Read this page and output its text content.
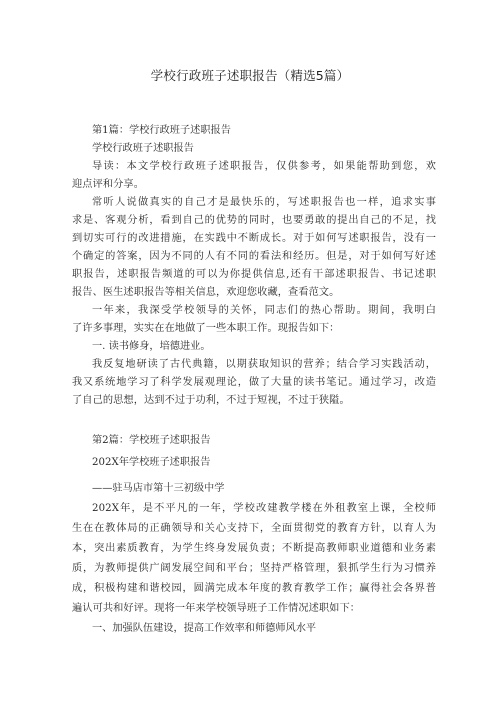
学校行政班子述职报告（精选5篇）
第1篇：学校行政班子述职报告
学校行政班子述职报告
导读：本文学校行政班子述职报告，仅供参考，如果能帮助到您，欢
迎点评和分享。
常听人说做真实的自己才是最快乐的，写述职报告也一样，追求实事
求是、客观分析，看到自己的优势的同时，也要勇敢的提出自己的不足，找
到切实可行的改进措施，在实践中不断成长。对于如何写述职报告，没有一
个确定的答案，因为不同的人有不同的看法和经历。但是，对于如何写好述
职报告，述职报告频道的可以为你提供信息,还有干部述职报告、书记述职
报告、医生述职报告等相关信息，欢迎您收藏，查看范文。
一年来，我深受学校领导的关怀，同志们的热心帮助。期间，我明白
了许多事理，实实在在地做了一些本职工作。现报告如下：
一. 读书修身，培德进业。
我反复地研读了古代典籍，以期获取知识的营养；结合学习实践活动，
我又系统地学习了科学发展观理论，做了大量的读书笔记。通过学习，改造
了自己的思想，达到不过于功利，不过于短视，不过于狭隘。
第2篇：学校班子述职报告
202X年学校班子述职报告
——驻马店市第十三初级中学
202X年，是不平凡的一年，学校改建教学楼在外租教室上课，全校师
生在在教体局的正确领导和关心支持下，全面贯彻党的教育方针，以育人为
本，突出素质教育，为学生终身发展负责；不断提高教师职业道德和业务素
质，为教师提供广阔发展空间和平台；坚持严格管理，狠抓学生行为习惯养
成，积极构建和谐校园，圆满完成本年度的教育教学工作；赢得社会各界普
遍认可共和好评。现将一年来学校领导班子工作情况述职如下：
一、加强队伍建设，提高工作效率和师德师风水平
